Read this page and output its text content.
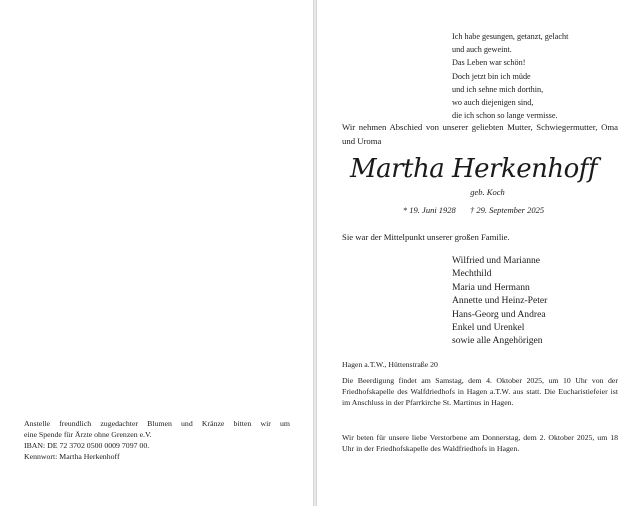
Anstelle freundlich zugedachter Blumen und Kränze bitten wir um
eine Spende für Ärzte ohne Grenzen e.V.
IBAN: DE 72 3702 0500 0009 7097 00.
Kennwort: Martha Herkenhoff
Ich habe gesungen, getanzt, gelacht
und auch geweint.
Das Leben war schön!
Doch jetzt bin ich müde
und ich sehne mich dorthin,
wo auch diejenigen sind,
die ich schon so lange vermisse.
Wir nehmen Abschied von unserer geliebten Mutter, Schwiegermutter, Oma und Uroma
Martha Herkenhoff
geb. Koch
* 19. Juni 1928 † 29. September 2025
Sie war der Mittelpunkt unserer großen Familie.
Wilfried und Marianne
Mechthild
Maria und Hermann
Annette und Heinz-Peter
Hans-Georg und Andrea
Enkel und Urenkel
sowie alle Angehörigen
Hagen a.T.W., Hüttenstraße 20
Die Beerdigung findet am Samstag, dem 4. Oktober 2025, um 10 Uhr von der Friedhofskapelle des Walfdriedhofs in Hagen a.T.W. aus statt. Die Eucharistiefeier ist im Anschluss in der Pfarrkirche St. Martinus in Hagen.
Wir beten für unsere liebe Verstorbene am Donnerstag, dem 2. Oktober 2025, um 18 Uhr in der Friedhofskapelle des Waldfriedhofs in Hagen.
